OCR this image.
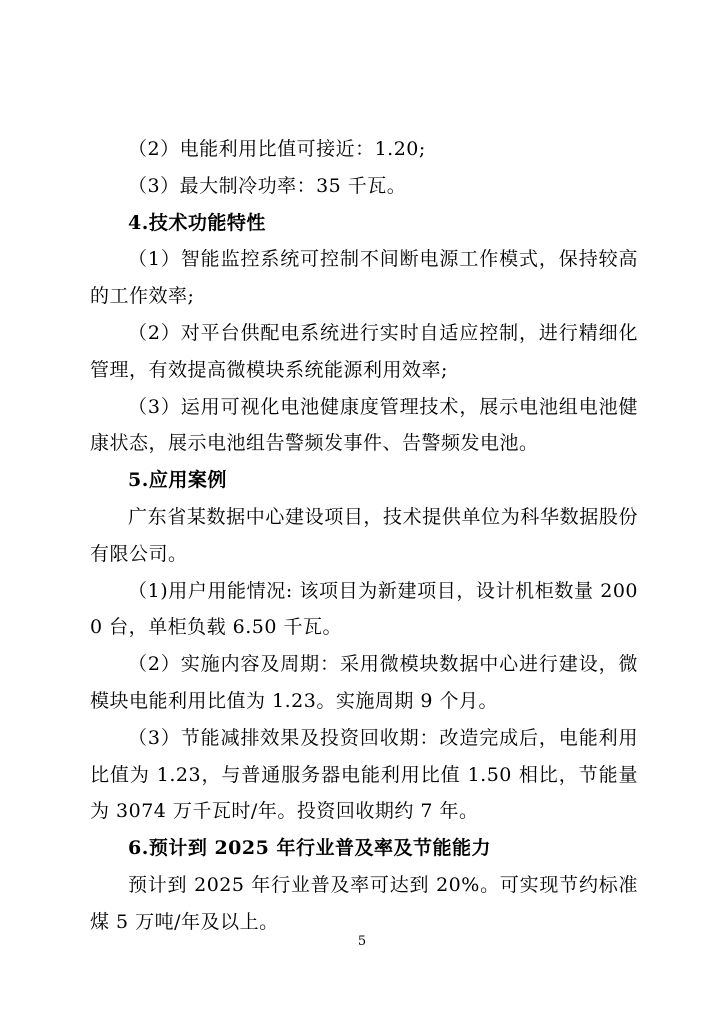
（2）电能利用比值可接近：1.20;

（3）最大制冷功率：35 千瓦。

4.技术功能特性

（1）智能监控系统可控制不间断电源工作模式，保持较高的工作效率;

（2）对平台供配电系统进行实时自适应控制，进行精细化管理，有效提高微模块系统能源利用效率;

（3）运用可视化电池健康度管理技术，展示电池组电池健康状态，展示电池组告警频发事件、告警频发电池。

5.应用案例

广东省某数据中心建设项目，技术提供单位为科华数据股份有限公司。

（1)用户用能情况: 该项目为新建项目，设计机柜数量 2000 台，单柜负载 6.50 千瓦。

（2）实施内容及周期：采用微模块数据中心进行建设，微模块电能利用比值为 1.23。实施周期 9 个月。

（3）节能减排效果及投资回收期：改造完成后，电能利用比值为 1.23，与普通服务器电能利用比值 1.50 相比，节能量为 3074 万千瓦时/年。投资回收期约 7 年。

6.预计到 2025 年行业普及率及节能能力

预计到 2025 年行业普及率可达到 20%。可实现节约标准煤 5 万吨/年及以上。

5
